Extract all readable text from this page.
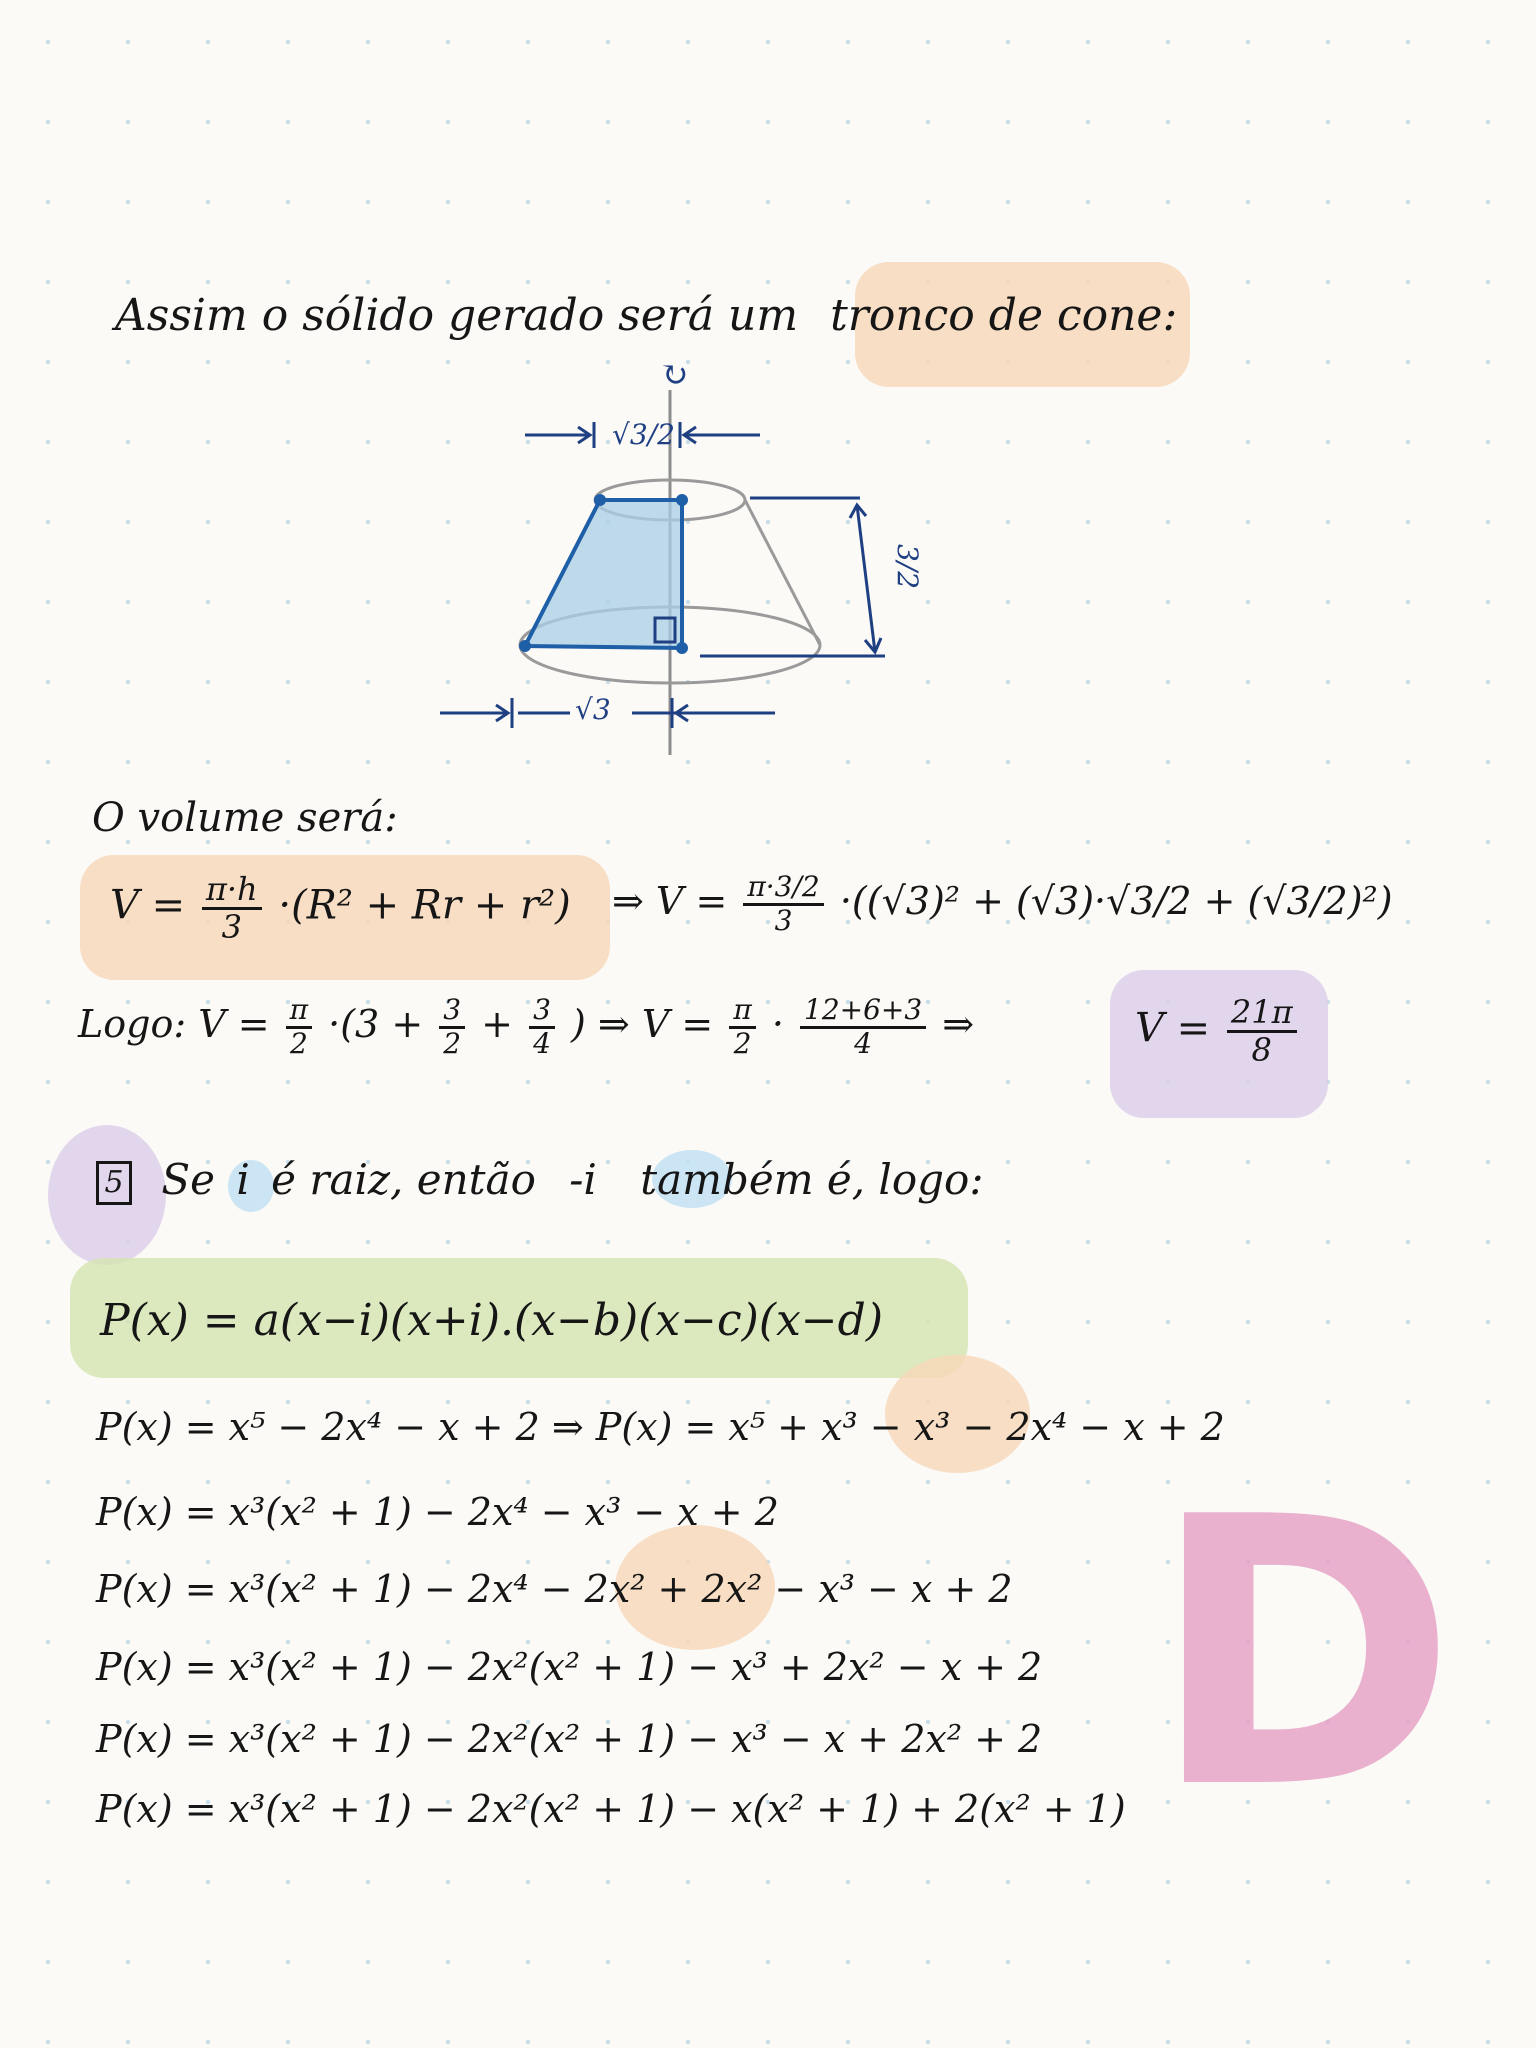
Assim o sólido gerado será um tronco de cone:
↻
√3/2
3/2
√3
O volume será:
$V = \frac{\pi\cdot h}{3} \cdot(R^2 + Rr + r^2)$ ⇒ $V = \frac{\pi\cdot 3/2}{3} \cdot((√3)^2 + (√3)\cdot√3/2 + (√3/2)^2)$
Logo: $V = \frac{\pi}{2} \cdot(3 + \frac{3}{2} + \frac{3}{4}$ ) ⇒ $V = \frac{\pi}{2} \cdot \frac{12+6+3}{4}$ ⇒	$V = \frac{21\pi}{8}$
5 Se i é raiz, então -i também é, logo:
P(x) = a(x−i)(x+i).(x−b)(x−c)(x−d)
P(x) = x⁵ − 2x⁴ − x + 2 ⇒ P(x) = x⁵ + x³ − x³ − 2x⁴ − x + 2
P(x) = x³(x² + 1) − 2x⁴ − x³ − x + 2
P(x) = x³(x² + 1) − 2x⁴ − 2x² + 2x² − x³ − x + 2
P(x) = x³(x² + 1) − 2x²(x² + 1) − x³ + 2x² − x + 2
P(x) = x³(x² + 1) − 2x²(x² + 1) − x³ − x + 2x² + 2
P(x) = x³(x² + 1) − 2x²(x² + 1) − x(x² + 1) + 2(x² + 1) D
